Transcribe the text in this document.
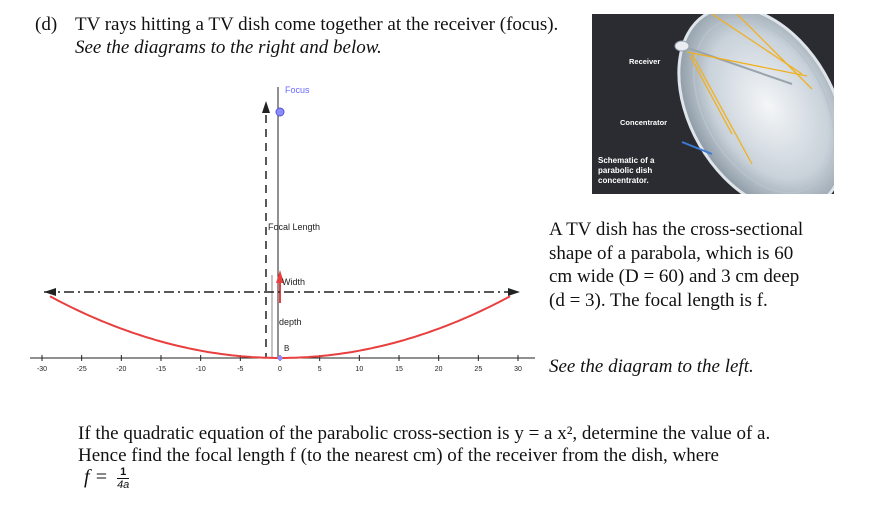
(d) TV rays hitting a TV dish come together at the receiver (focus).
See the diagrams to the right and below.
Receiver
Concentrator
Schematic of a
parabolic dish
concentrator.
A TV dish has the cross-sectional shape of a parabola, which is 60 cm wide (D = 60) and 3 cm deep (d = 3). The focal length is f.
See the diagram to the left.
-30	-25	-20	-15	-10	-5	0	5	10	15	20	25	30
Focus
Focal Length
Width
depth
B
If the quadratic equation of the parabolic cross-section is y = a x², determine the value of a.
Hence find the focal length f (to the nearest cm) of the receiver from the dish, where
$f = \frac{1}{4a}$
